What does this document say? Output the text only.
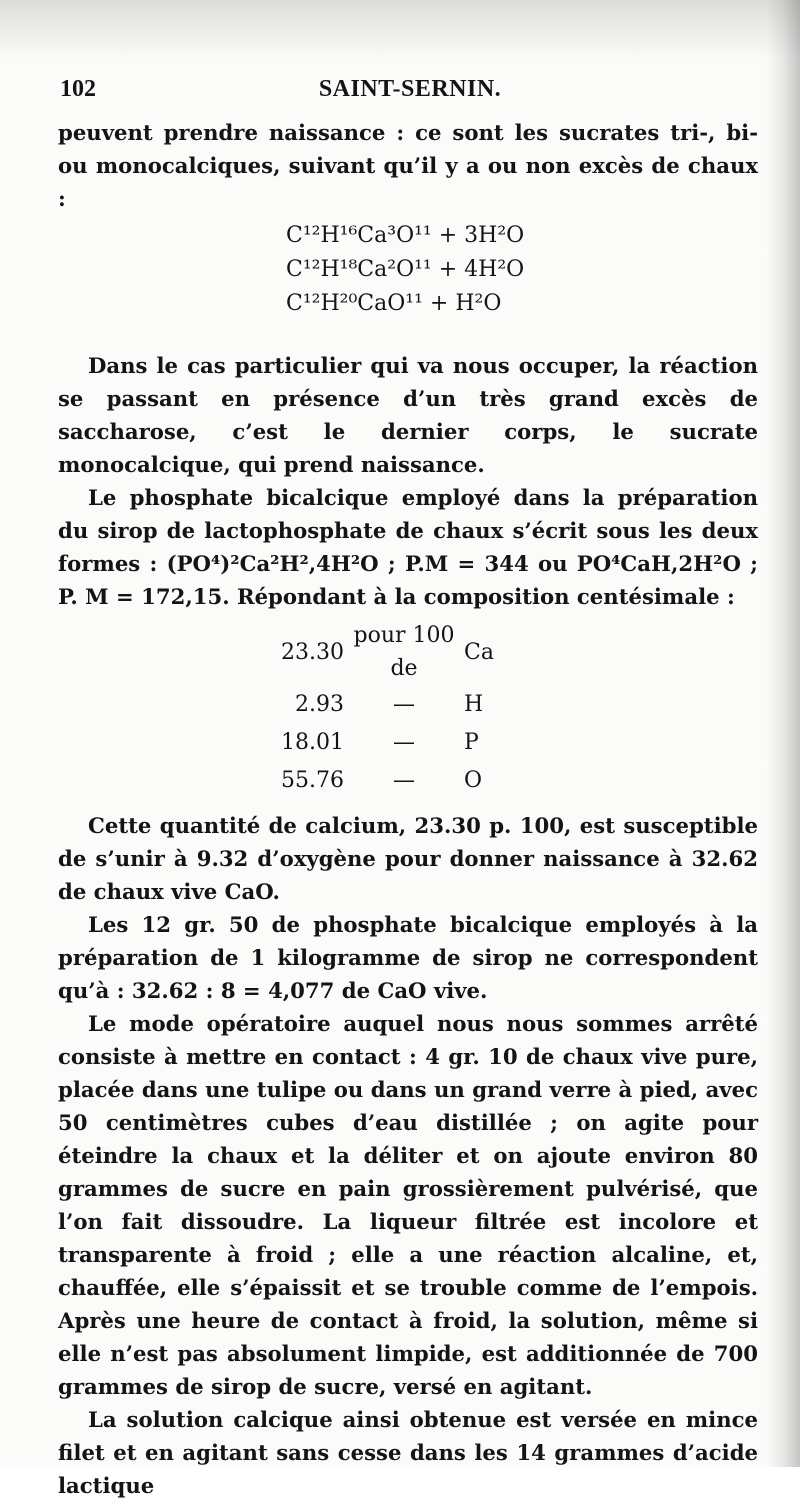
102	SAINT-SERNIN.

peuvent prendre naissance : ce sont les sucrates tri-, bi- ou monocalciques, suivant qu’il y a ou non excès de chaux :

C¹²H¹⁶Ca³O¹¹ + 3H²O
C¹²H¹⁸Ca²O¹¹ + 4H²O
C¹²H²⁰CaO¹¹ + H²O

Dans le cas particulier qui va nous occuper, la réaction se passant en présence d’un très grand excès de saccharose, c’est le dernier corps, le sucrate monocalcique, qui prend naissance.

Le phosphate bicalcique employé dans la préparation du sirop de lactophosphate de chaux s’écrit sous les deux formes : (PO⁴)²Ca²H²,4H²O ; P.M = 344 ou PO⁴CaH,2H²O ; P. M = 172,15. Répondant à la composition centésimale :

23.30	pour 100 de	Ca
2.93	—	H
18.01	—	P
55.76	—	O

Cette quantité de calcium, 23.30 p. 100, est susceptible de s’unir à 9.32 d’oxygène pour donner naissance à 32.62 de chaux vive CaO.

Les 12 gr. 50 de phosphate bicalcique employés à la préparation de 1 kilogramme de sirop ne correspondent qu’à : 32.62 : 8 = 4,077 de CaO vive.

Le mode opératoire auquel nous nous sommes arrêté consiste à mettre en contact : 4 gr. 10 de chaux vive pure, placée dans une tulipe ou dans un grand verre à pied, avec 50 centimètres cubes d’eau distillée ; on agite pour éteindre la chaux et la déliter et on ajoute environ 80 grammes de sucre en pain grossièrement pulvérisé, que l’on fait dissoudre. La liqueur filtrée est incolore et transparente à froid ; elle a une réaction alcaline, et, chauffée, elle s’épaissit et se trouble comme de l’empois. Après une heure de contact à froid, la solution, même si elle n’est pas absolument limpide, est additionnée de 700 grammes de sirop de sucre, versé en agitant.

La solution calcique ainsi obtenue est versée en mince filet et en agitant sans cesse dans les 14 grammes d’acide lactique
